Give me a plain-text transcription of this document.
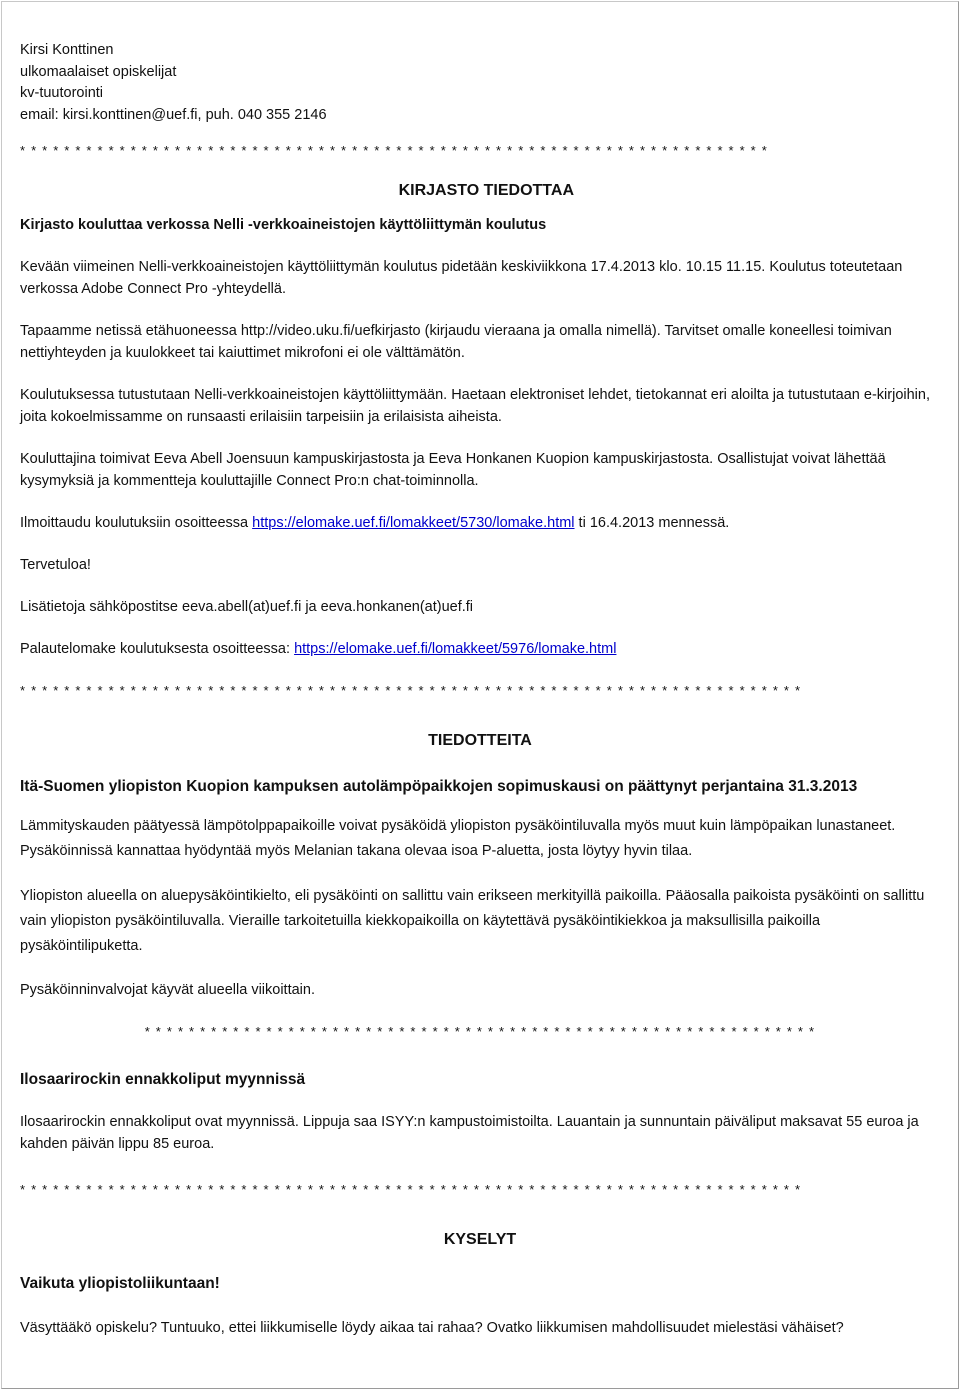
Kirsi Konttinen

ulkomaalaiset opiskelijat

kv-tuutorointi

email: kirsi.konttinen@uef.fi, puh. 040 355 2146

* * * * * * * * * * * * * * * * * * * * * * * * * * * * * * * * * * * * * * * * * * * * * * * * * * * * * * * * * * * * * * * * * * * *

KIRJASTO TIEDOTTAA

Kirjasto kouluttaa verkossa Nelli -verkkoaineistojen käyttöliittymän koulutus

Kevään viimeinen Nelli-verkkoaineistojen käyttöliittymän koulutus pidetään keskiviikkona 17.4.2013 klo. 10.15 11.15. Koulutus toteutetaan verkossa Adobe Connect Pro -yhteydellä.

Tapaamme netissä etähuoneessa http://video.uku.fi/uefkirjasto (kirjaudu vieraana ja omalla nimellä). Tarvitset omalle koneellesi toimivan nettiyhteyden ja kuulokkeet tai kaiuttimet mikrofoni ei ole välttämätön.

Koulutuksessa tutustutaan Nelli-verkkoaineistojen käyttöliittymään. Haetaan elektroniset lehdet, tietokannat eri aloilta ja tutustutaan e-kirjoihin, joita kokoelmissamme on runsaasti erilaisiin tarpeisiin ja erilaisista aiheista.

Kouluttajina toimivat Eeva Abell Joensuun kampuskirjastosta ja Eeva Honkanen Kuopion kampuskirjastosta. Osallistujat voivat lähettää kysymyksiä ja kommentteja kouluttajille Connect Pro:n chat-toiminnolla.

Ilmoittaudu koulutuksiin osoitteessa https://elomake.uef.fi/lomakkeet/5730/lomake.html ti 16.4.2013 mennessä.

Tervetuloa!

Lisätietoja sähköpostitse eeva.abell(at)uef.fi ja eeva.honkanen(at)uef.fi

Palautelomake koulutuksesta osoitteessa: https://elomake.uef.fi/lomakkeet/5976/lomake.html

* * * * * * * * * * * * * * * * * * * * * * * * * * * * * * * * * * * * * * * * * * * * * * * * * * * * * * * * * * * * * * * * * * * * * * *

TIEDOTTEITA

Itä-Suomen yliopiston Kuopion kampuksen autolämpöpaikkojen sopimuskausi on päättynyt perjantaina 31.3.2013

Lämmityskauden päätyessä lämpötolppapaikoille voivat pysäköidä yliopiston pysäköintiluvalla myös muut kuin lämpöpaikan lunastaneet. Pysäköinnissä kannattaa hyödyntää myös Melanian takana olevaa isoa P-aluetta, josta löytyy hyvin tilaa.

Yliopiston alueella on aluepysäköintikielto, eli pysäköinti on sallittu vain erikseen merkityillä paikoilla. Pääosalla paikoista pysäköinti on sallittu vain yliopiston pysäköintiluvalla. Vieraille tarkoitetuilla kiekkopaikoilla on käytettävä pysäköintikiekkoa ja maksullisilla paikoilla pysäköintilipuketta.

Pysäköinninvalvojat käyvät alueella viikoittain.

* * * * * * * * * * * * * * * * * * * * * * * * * * * * * * * * * * * * * * * * * * * * * * * * * * * * * * * * * * * * *

Ilosaarirockin ennakkoliput myynnissä

Ilosaarirockin ennakkoliput ovat myynnissä. Lippuja saa ISYY:n kampustoimistoilta. Lauantain ja sunnuntain päiväliput maksavat 55 euroa ja kahden päivän lippu 85 euroa.

* * * * * * * * * * * * * * * * * * * * * * * * * * * * * * * * * * * * * * * * * * * * * * * * * * * * * * * * * * * * * * * * * * * * * * *

KYSELYT

Vaikuta yliopistoliikuntaan!

Väsyttääkö opiskelu? Tuntuuko, ettei liikkumiselle löydy aikaa tai rahaa? Ovatko liikkumisen mahdollisuudet mielestäsi vähäiset?
